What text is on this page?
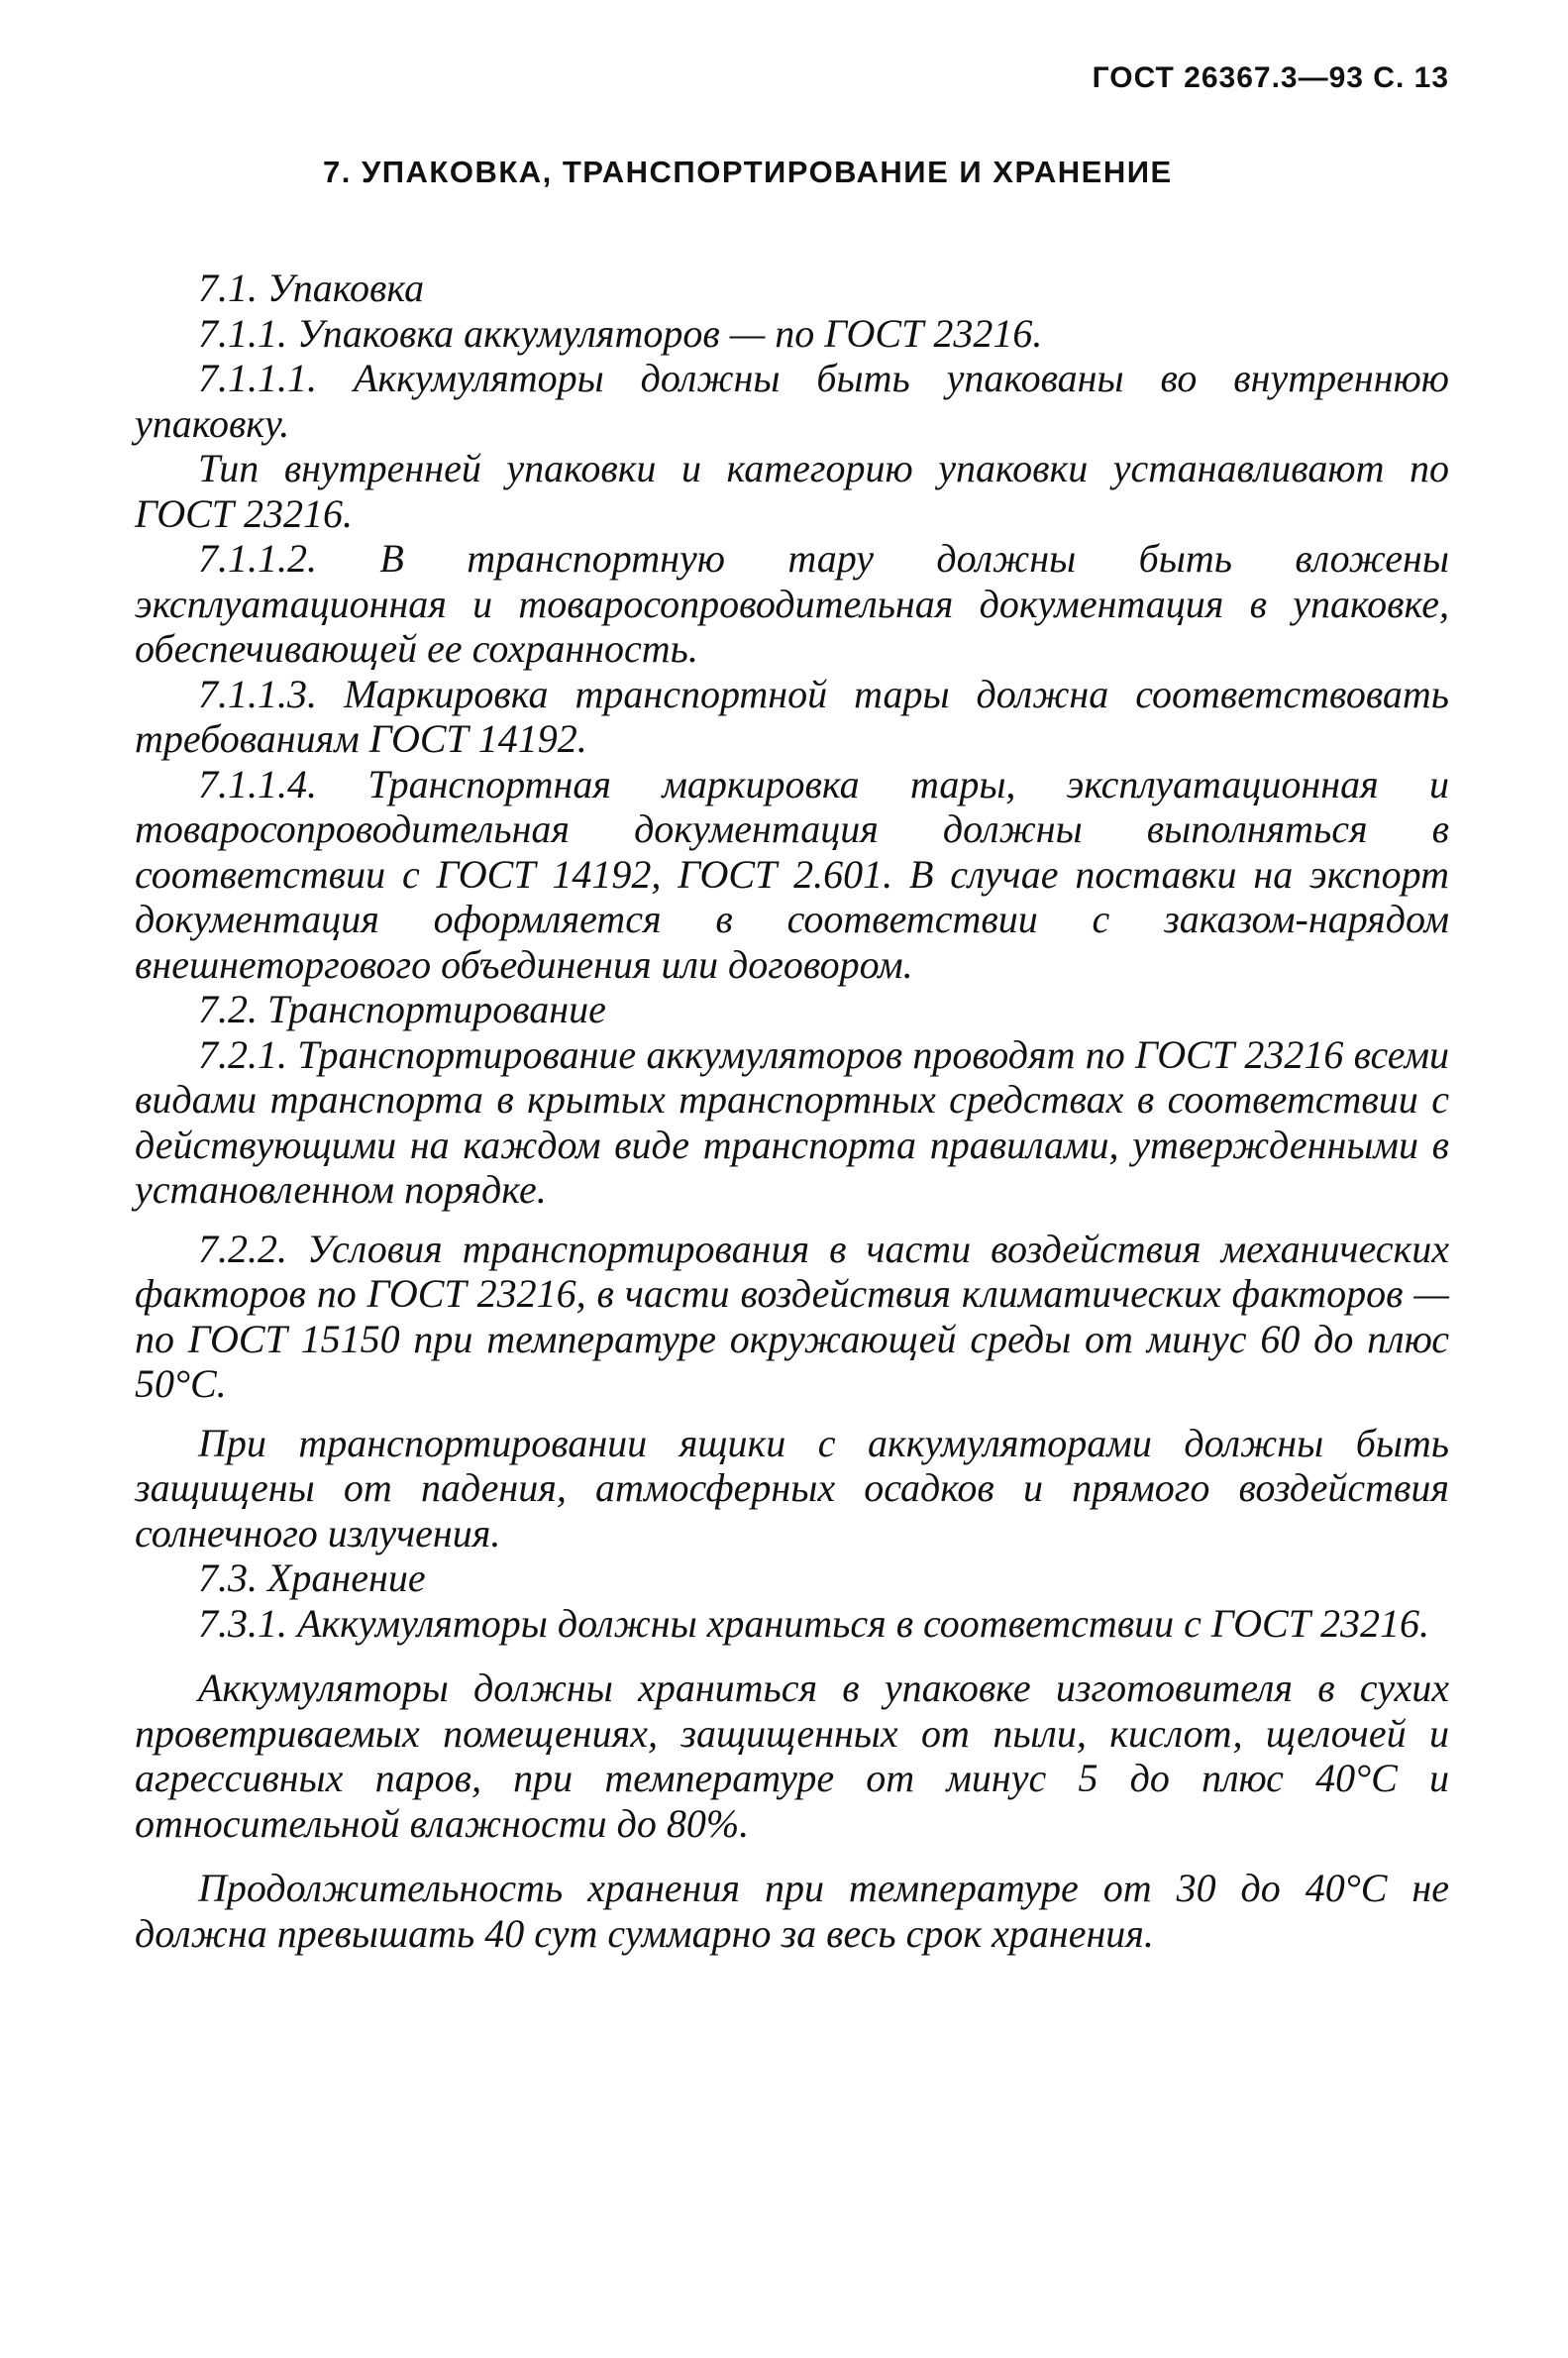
ГОСТ 26367.3—93 С. 13
7. УПАКОВКА, ТРАНСПОРТИРОВАНИЕ И ХРАНЕНИЕ

7.1. Упаковка

7.1.1. Упаковка аккумуляторов — по ГОСТ 23216.

7.1.1.1. Аккумуляторы должны быть упакованы во внутреннюю упаковку.

Тип внутренней упаковки и категорию упаковки устанавливают по ГОСТ 23216.

7.1.1.2. В транспортную тару должны быть вложены эксплуатационная и товаросопроводительная документация в упаковке, обеспечивающей ее сохранность.

7.1.1.3. Маркировка транспортной тары должна соответствовать требованиям ГОСТ 14192.

7.1.1.4. Транспортная маркировка тары, эксплуатационная и товаросопроводительная документация должны выполняться в соответствии с ГОСТ 14192, ГОСТ 2.601. В случае поставки на экспорт документация оформляется в соответствии с заказом-нарядом внешнеторгового объединения или договором.

7.2. Транспортирование

7.2.1. Транспортирование аккумуляторов проводят по ГОСТ 23216 всеми видами транспорта в крытых транспортных средствах в соответствии с действующими на каждом виде транспорта правилами, утвержденными в установленном порядке.

7.2.2. Условия транспортирования в части воздействия механических факторов по ГОСТ 23216, в части воздействия климатических факторов — по ГОСТ 15150 при температуре окружающей среды от минус 60 до плюс 50°С.

При транспортировании ящики с аккумуляторами должны быть защищены от падения, атмосферных осадков и прямого воздействия солнечного излучения.

7.3. Хранение

7.3.1. Аккумуляторы должны храниться в соответствии с ГОСТ 23216.

Аккумуляторы должны храниться в упаковке изготовителя в сухих проветриваемых помещениях, защищенных от пыли, кислот, щелочей и агрессивных паров, при температуре от минус 5 до плюс 40°С и относительной влажности до 80%.

Продолжительность хранения при температуре от 30 до 40°С не должна превышать 40 сут суммарно за весь срок хранения.
